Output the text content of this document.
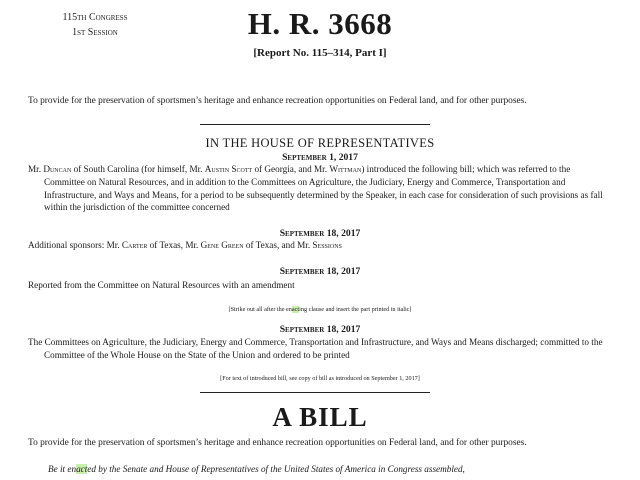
115th Congress
1st Session	H. R. 3668
[Report No. 115–314, Part I]
To provide for the preservation of sportsmen’s heritage and enhance recreation opportunities on Federal land, and for other purposes.
IN THE HOUSE OF REPRESENTATIVES
September 1, 2017
Mr. Duncan of South Carolina (for himself, Mr. Austin Scott of Georgia, and Mr. Wittman) introduced the following bill; which was referred to the
Committee on Natural Resources, and in addition to the Committees on Agriculture, the Judiciary, Energy and Commerce, Transportation and
Infrastructure, and Ways and Means, for a period to be subsequently determined by the Speaker, in each case for consideration of such provisions as fall
within the jurisdiction of the committee concerned
September 18, 2017
Additional sponsors: Mr. Carter of Texas, Mr. Gene Green of Texas, and Mr. Sessions
September 18, 2017
Reported from the Committee on Natural Resources with an amendment
[Strike out all after the enacting clause and insert the part printed in italic]
September 18, 2017
The Committees on Agriculture, the Judiciary, Energy and Commerce, Transportation and Infrastructure, and Ways and Means discharged; committed to the
Committee of the Whole House on the State of the Union and ordered to be printed
[For text of introduced bill, see copy of bill as introduced on September 1, 2017]
A BILL
To provide for the preservation of sportsmen’s heritage and enhance recreation opportunities on Federal land, and for other purposes.
Be it enacted by the Senate and House of Representatives of the United States of America in Congress assembled,
